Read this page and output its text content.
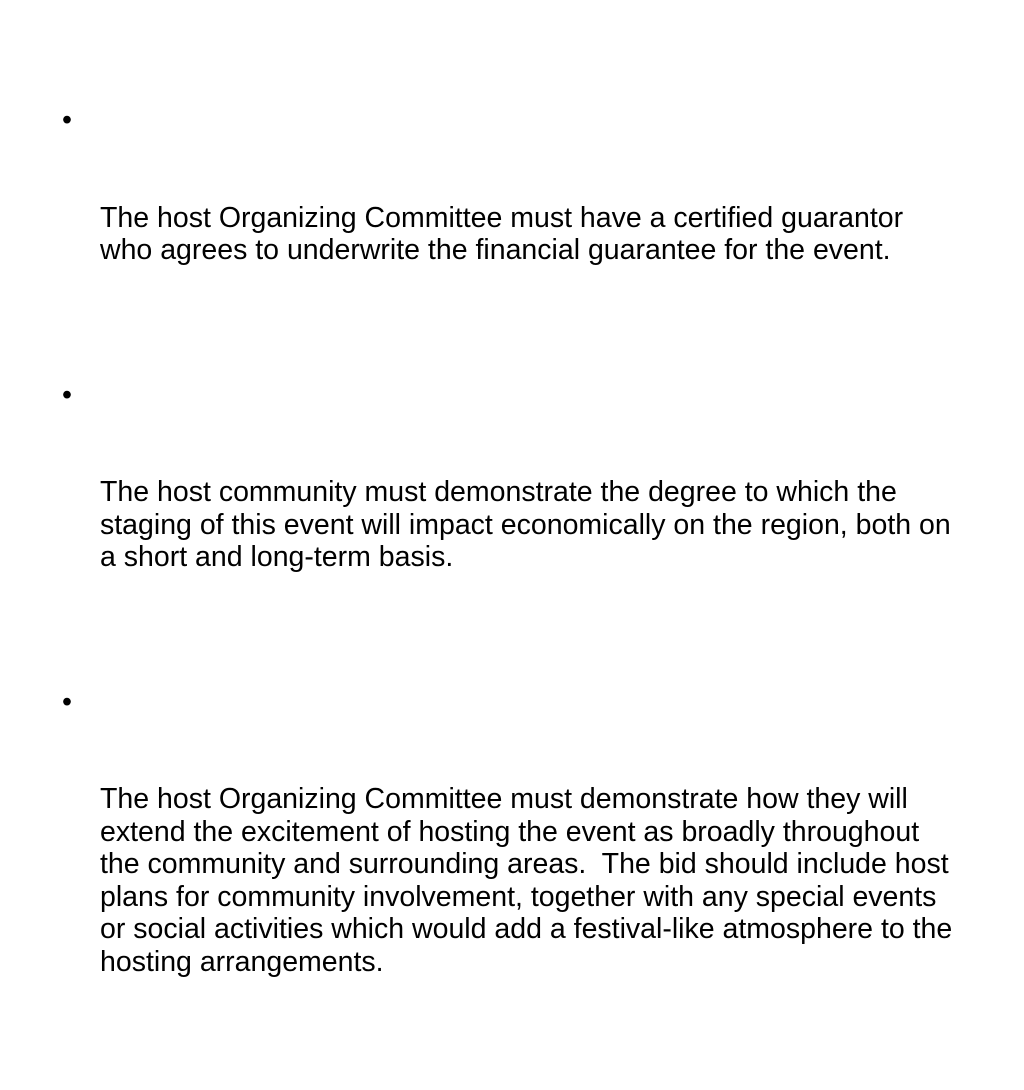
•

The host Organizing Committee must have a certified guarantor who agrees to underwrite the financial guarantee for the event.

•

The host community must demonstrate the degree to which the staging of this event will impact economically on the region, both on a short and long-term basis.

•

The host Organizing Committee must demonstrate how they will extend the excitement of hosting the event as broadly throughout the community and surrounding areas.  The bid should include host plans for community involvement, together with any special events or social activities which would add a festival-like atmosphere to the hosting arrangements.
